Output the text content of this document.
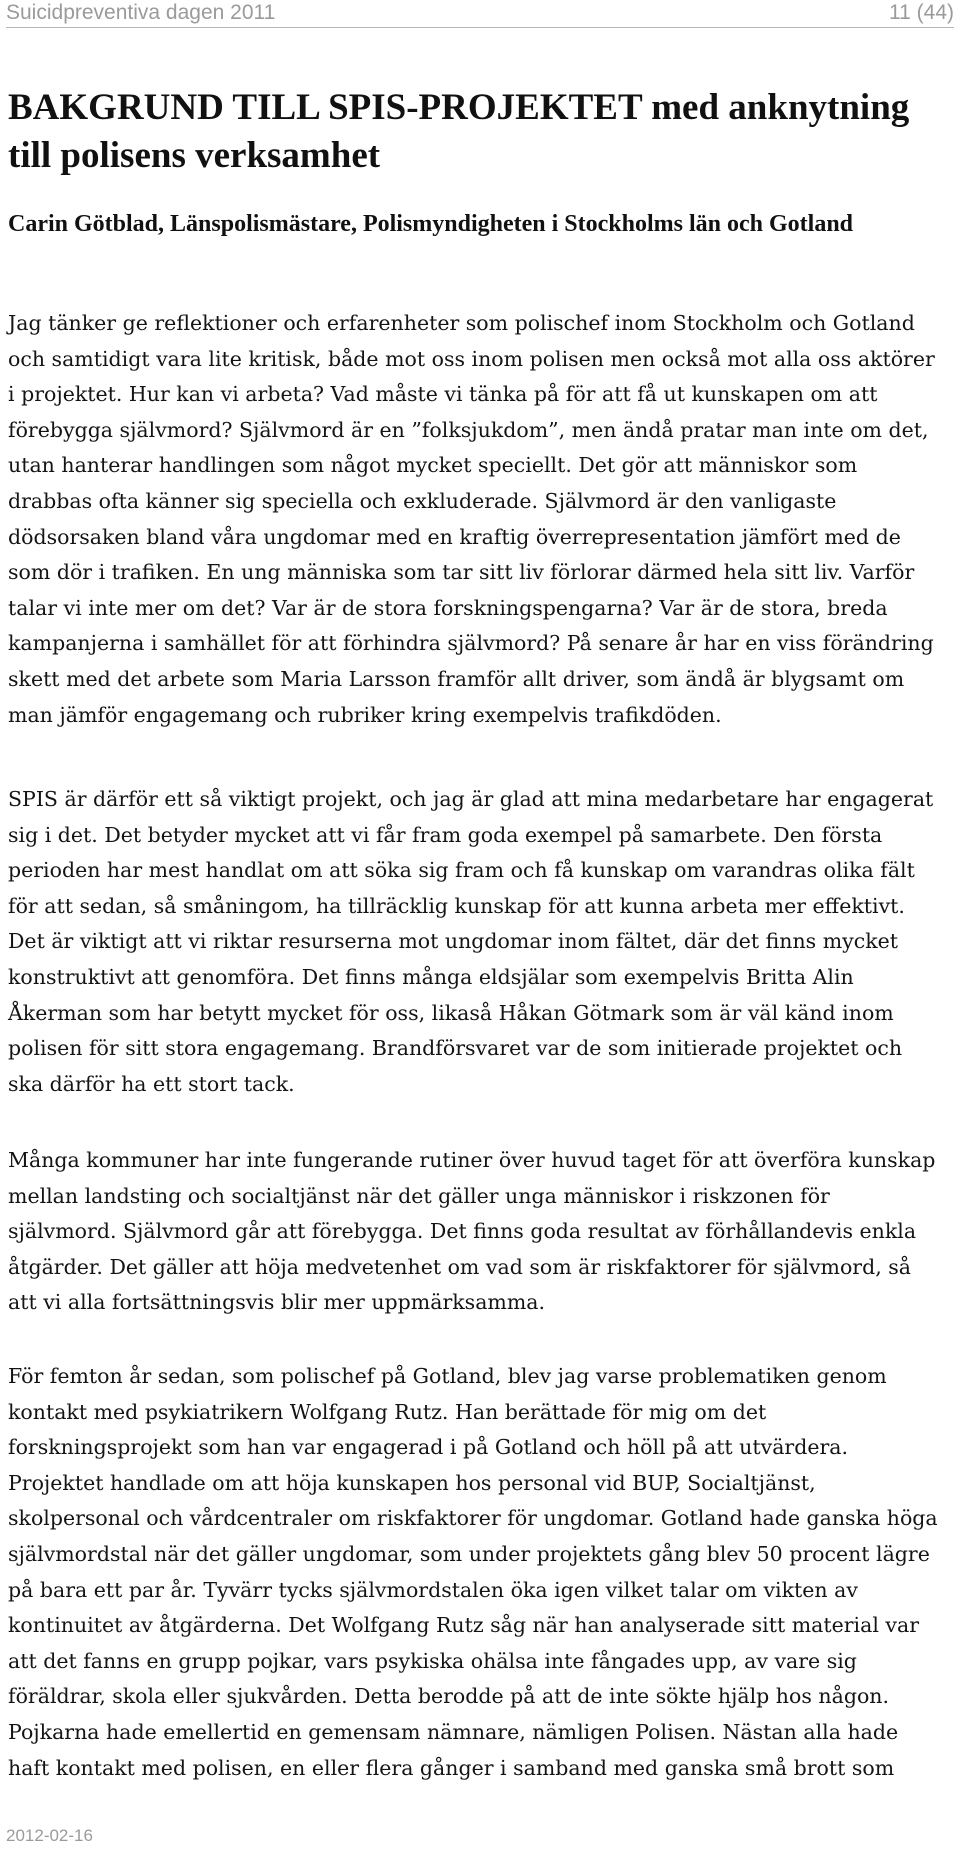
Suicidpreventiva dagen 2011	11 (44)
BAKGRUND TILL SPIS-PROJEKTET med anknytning till polisens verksamhet
Carin Götblad, Länspolismästare, Polismyndigheten i Stockholms län och Gotland

Jag tänker ge reflektioner och erfarenheter som polischef inom Stockholm och Gotland och samtidigt vara lite kritisk, både mot oss inom polisen men också mot alla oss aktörer i projektet. Hur kan vi arbeta? Vad måste vi tänka på för att få ut kunskapen om att förebygga självmord? Självmord är en ”folksjukdom”, men ändå pratar man inte om det, utan hanterar handlingen som något mycket speciellt. Det gör att människor som drabbas ofta känner sig speciella och exkluderade. Självmord är den vanligaste dödsorsaken bland våra ungdomar med en kraftig överrepresentation jämfört med de som dör i trafiken. En ung människa som tar sitt liv förlorar därmed hela sitt liv. Varför talar vi inte mer om det? Var är de stora forskningspengarna? Var är de stora, breda kampanjerna i samhället för att förhindra självmord? På senare år har en viss förändring skett med det arbete som Maria Larsson framför allt driver, som ändå är blygsamt om man jämför engagemang och rubriker kring exempelvis trafikdöden.

SPIS är därför ett så viktigt projekt, och jag är glad att mina medarbetare har engagerat sig i det. Det betyder mycket att vi får fram goda exempel på samarbete. Den första perioden har mest handlat om att söka sig fram och få kunskap om varandras olika fält för att sedan, så småningom, ha tillräcklig kunskap för att kunna arbeta mer effektivt. Det är viktigt att vi riktar resurserna mot ungdomar inom fältet, där det finns mycket konstruktivt att genomföra. Det finns många eldsjälar som exempelvis Britta Alin Åkerman som har betytt mycket för oss, likaså Håkan Götmark som är väl känd inom polisen för sitt stora engagemang. Brandförsvaret var de som initierade projektet och ska därför ha ett stort tack.

Många kommuner har inte fungerande rutiner över huvud taget för att överföra kunskap mellan landsting och socialtjänst när det gäller unga människor i riskzonen för självmord. Självmord går att förebygga. Det finns goda resultat av förhållandevis enkla åtgärder. Det gäller att höja medvetenhet om vad som är riskfaktorer för självmord, så att vi alla fortsättningsvis blir mer uppmärksamma.

För femton år sedan, som polischef på Gotland, blev jag varse problematiken genom kontakt med psykiatrikern Wolfgang Rutz. Han berättade för mig om det forskningsprojekt som han var engagerad i på Gotland och höll på att utvärdera. Projektet handlade om att höja kunskapen hos personal vid BUP, Socialtjänst, skolpersonal och vårdcentraler om riskfaktorer för ungdomar. Gotland hade ganska höga självmordstal när det gäller ungdomar, som under projektets gång blev 50 procent lägre på bara ett par år. Tyvärr tycks självmordstalen öka igen vilket talar om vikten av kontinuitet av åtgärderna. Det Wolfgang Rutz såg när han analyserade sitt material var att det fanns en grupp pojkar, vars psykiska ohälsa inte fångades upp, av vare sig föräldrar, skola eller sjukvården. Detta berodde på att de inte sökte hjälp hos någon. Pojkarna hade emellertid en gemensam nämnare, nämligen Polisen. Nästan alla hade haft kontakt med polisen, en eller flera gånger i samband med ganska små brott som

2012-02-16
